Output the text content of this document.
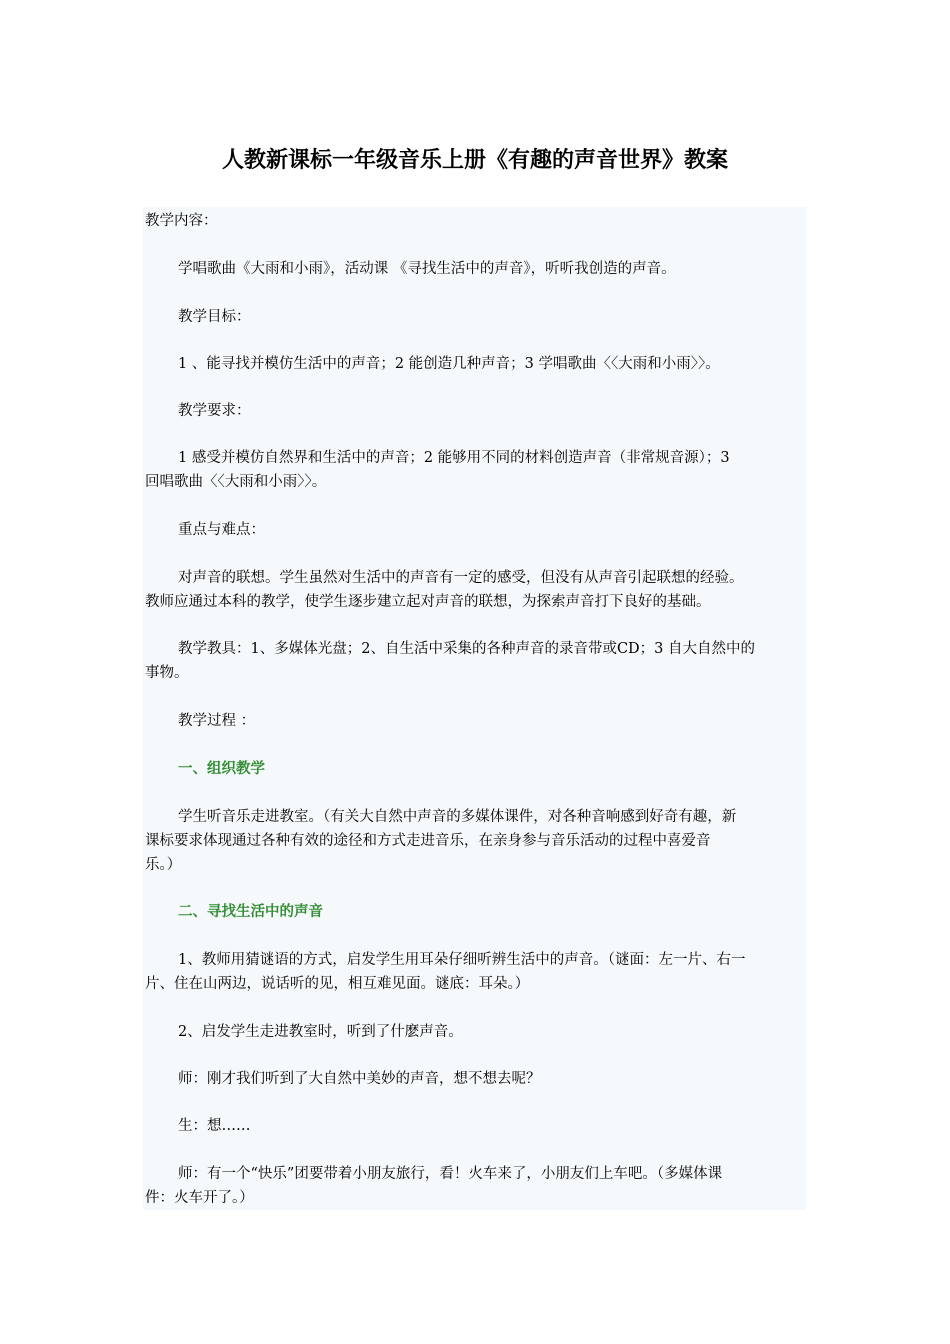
人教新课标一年级音乐上册《有趣的声音世界》教案

教学内容：

学唱歌曲《大雨和小雨》，活动课 《寻找生活中的声音》，听听我创造的声音。

教学目标：

1 、能寻找并模仿生活中的声音；2 能创造几种声音；3 学唱歌曲〈〈大雨和小雨〉〉。

教学要求：

1 感受并模仿自然界和生活中的声音；2 能够用不同的材料创造声音（非常规音源）；3
回唱歌曲〈〈大雨和小雨〉〉。

重点与难点：

对声音的联想。学生虽然对生活中的声音有一定的感受，但没有从声音引起联想的经验。
教师应通过本科的教学，使学生逐步建立起对声音的联想，为探索声音打下良好的基础。
教学教具：1、多媒体光盘；2、自生活中采集的各种声音的录音带或CD；3 自大自然中的
事物。

教学过程 ：

一、组织教学

学生听音乐走进教室。（有关大自然中声音的多媒体课件，对各种音响感到好奇有趣，新
课标要求体现通过各种有效的途径和方式走进音乐，在亲身参与音乐活动的过程中喜爱音
乐。）

二、寻找生活中的声音

1、教师用猜谜语的方式，启发学生用耳朵仔细听辨生活中的声音。（谜面：左一片、右一
片、住在山两边，说话听的见，相互难见面。谜底：耳朵。）

2、启发学生走进教室时，听到了什麽声音。

师：刚才我们听到了大自然中美妙的声音，想不想去呢？

生：想……

师：有一个“快乐”团要带着小朋友旅行，看！火车来了，小朋友们上车吧。（多媒体课
件：火车开了。）
